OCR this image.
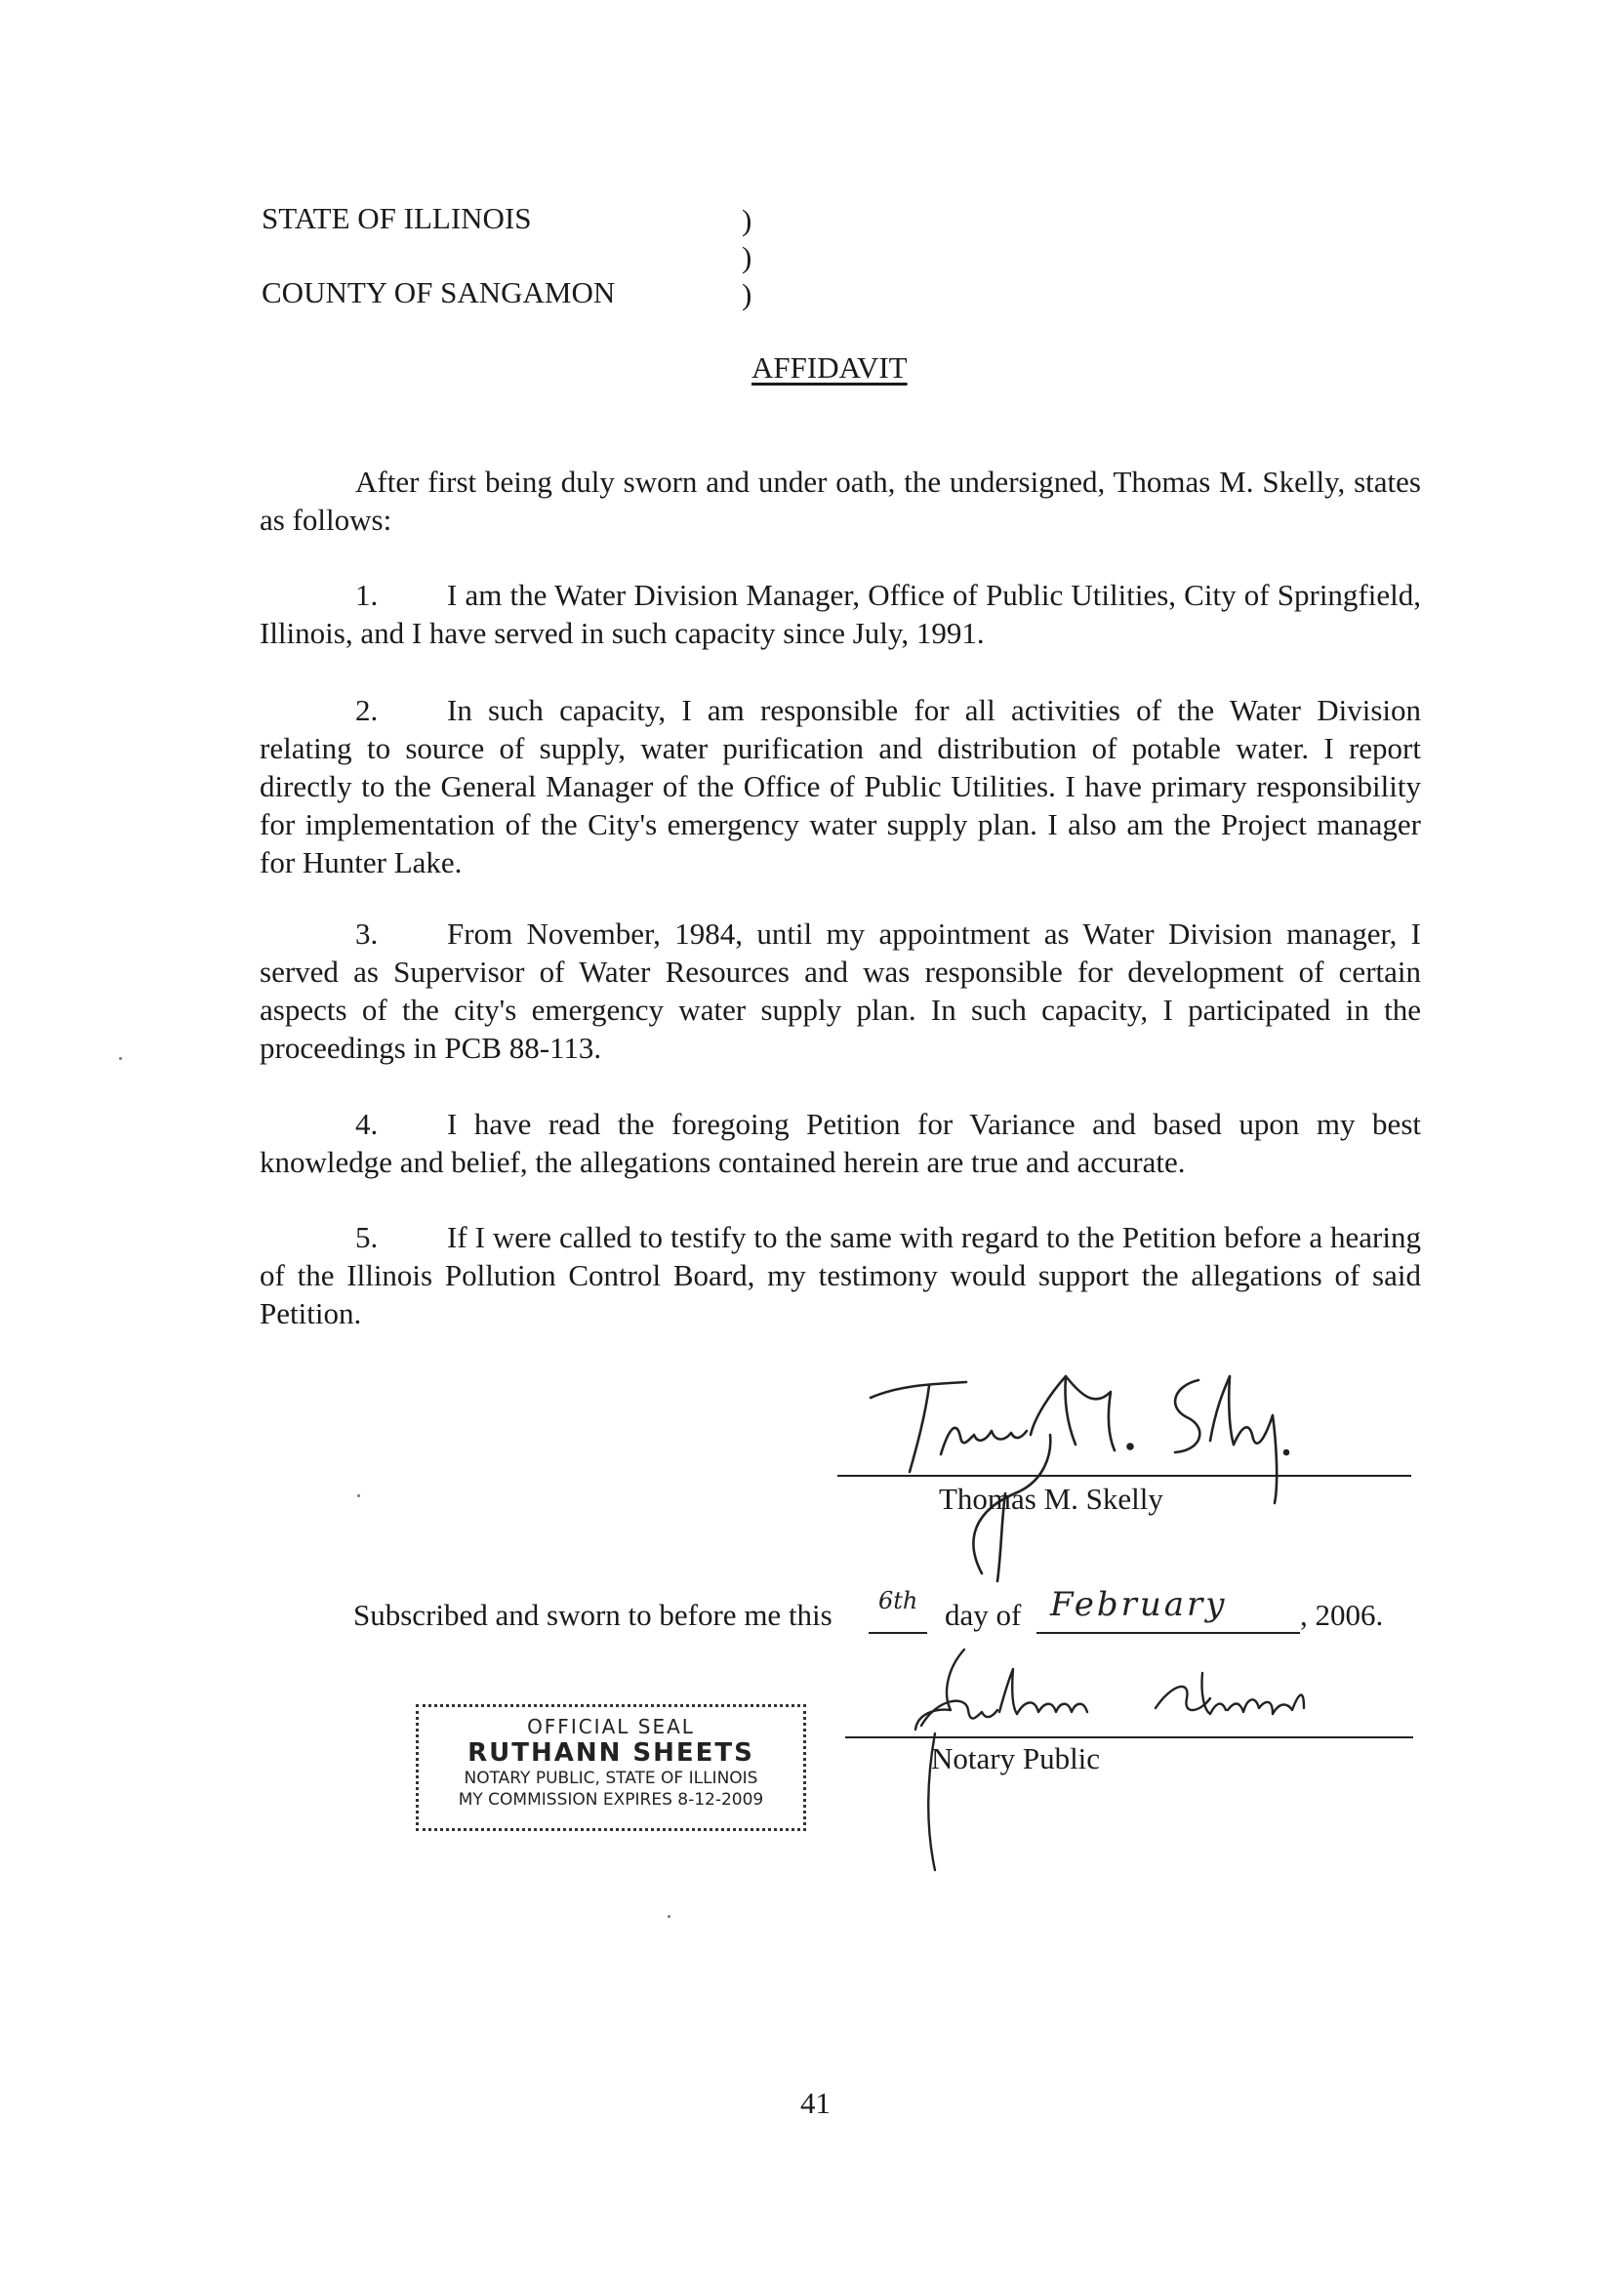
STATE OF ILLINOIS
COUNTY OF SANGAMON
)
)
)
AFFIDAVIT
After first being duly sworn and under oath, the undersigned, Thomas M. Skelly, states as follows:
1. I am the Water Division Manager, Office of Public Utilities, City of Springfield, Illinois, and I have served in such capacity since July, 1991.
2. In such capacity, I am responsible for all activities of the Water Division relating to source of supply, water purification and distribution of potable water. I report directly to the General Manager of the Office of Public Utilities. I have primary responsibility for implementation of the City's emergency water supply plan. I also am the Project manager for Hunter Lake.
3. From November, 1984, until my appointment as Water Division manager, I served as Supervisor of Water Resources and was responsible for development of certain aspects of the city's emergency water supply plan. In such capacity, I participated in the proceedings in PCB 88-113.
4. I have read the foregoing Petition for Variance and based upon my best knowledge and belief, the allegations contained herein are true and accurate.
5. If I were called to testify to the same with regard to the Petition before a hearing of the Illinois Pollution Control Board, my testimony would support the allegations of said Petition.
Thomas M. Skelly
Subscribed and sworn to before me this 6th day of February , 2006.
Notary Public
OFFICIAL SEAL
RUTHANN SHEETS
NOTARY PUBLIC, STATE OF ILLINOIS
MY COMMISSION EXPIRES 8-12-2009
41
